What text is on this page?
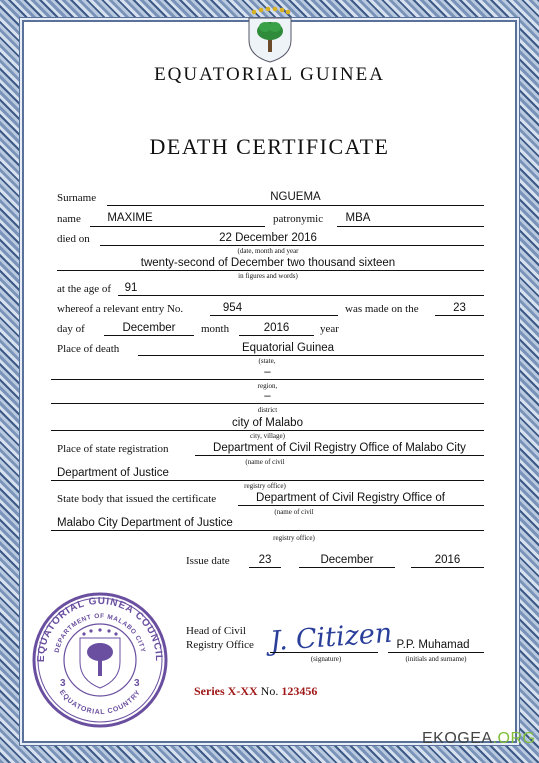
EQUATORIAL GUINEA
DEATH CERTIFICATE
Surname	NGUEMA
name	MAXIME	patronymic	MBA
died on	22 December 2016
(date, month and year
twenty-second of December two thousand sixteen
in figures and words)
at the age of	91
whereof a relevant entry No.	954	was made on the	23
day of	December	month	2016	year
Place of death	Equatorial Guinea
(state,
–
region,
–
district
city of Malabo
city, village)
Place of state registration	Department of Civil Registry Office of Malabo City
(name of civil
Department of Justice
registry office)
State body that issued the certificate	Department of Civil Registry Office of
(name of civil
Malabo City Department of Justice
registry office)
Issue date	23	December	2016
EQUATORIAL GUINEA COUNCIL
DEPARTMENT OF MALABO CITY
EQUATORIAL COUNTRY
3	3
Head of Civil
Registry Office J. Citizen
(signature)
P.P. Muhamad
(initials and surname)
Series X-XX No. 123456
EKOGEA.ORG
